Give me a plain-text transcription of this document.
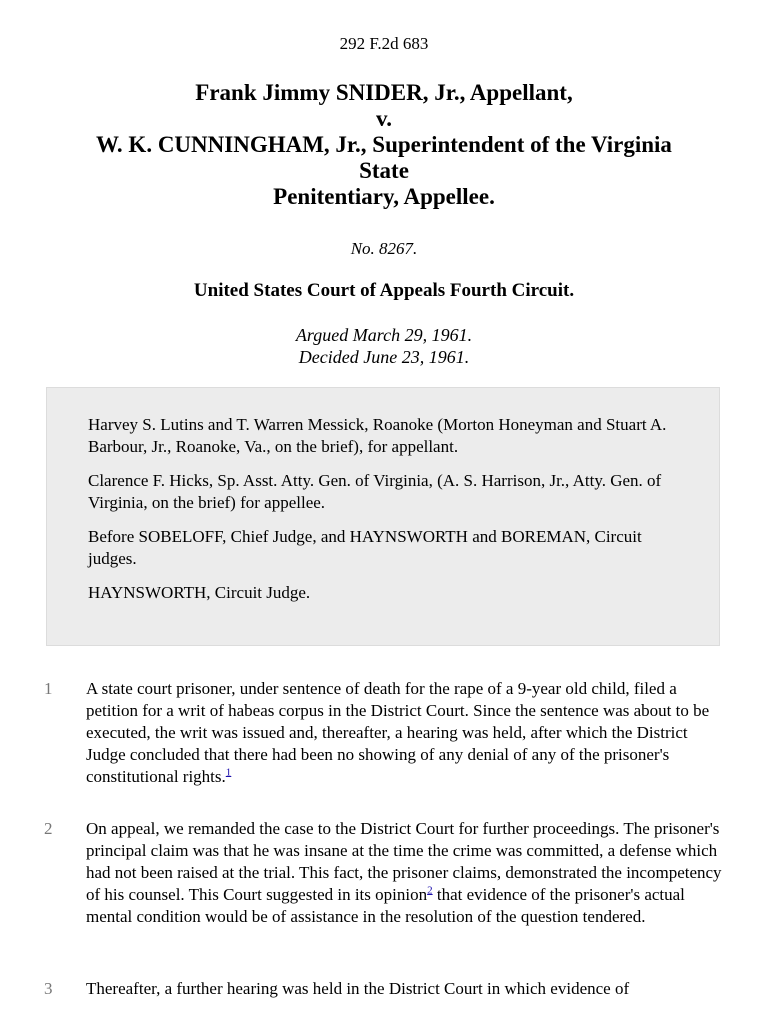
292 F.2d 683
Frank Jimmy SNIDER, Jr., Appellant,
v.
W. K. CUNNINGHAM, Jr., Superintendent of the Virginia
State
Penitentiary, Appellee.
No. 8267.
United States Court of Appeals Fourth Circuit.
Argued March 29, 1961.
Decided June 23, 1961.

Harvey S. Lutins and T. Warren Messick, Roanoke (Morton Honeyman and Stuart A. Barbour, Jr., Roanoke, Va., on the brief), for appellant.

Clarence F. Hicks, Sp. Asst. Atty. Gen. of Virginia, (A. S. Harrison, Jr., Atty. Gen. of Virginia, on the brief) for appellee.

Before SOBELOFF, Chief Judge, and HAYNSWORTH and BOREMAN, Circuit judges.

HAYNSWORTH, Circuit Judge.

1	A state court prisoner, under sentence of death for the rape of a 9-year old child, filed a petition for a writ of habeas corpus in the District Court. Since the sentence was about to be executed, the writ was issued and, thereafter, a hearing was held, after which the District Judge concluded that there had been no showing of any denial of any of the prisoner's constitutional rights.$^1$
2	On appeal, we remanded the case to the District Court for further proceedings. The prisoner's principal claim was that he was insane at the time the crime was committed, a defense which had not been raised at the trial. This fact, the prisoner claims, demonstrated the incompetency of his counsel. This Court suggested in its opinion$^2$ that evidence of the prisoner's actual mental condition would be of assistance in the resolution of the question tendered.
3	Thereafter, a further hearing was held in the District Court in which evidence of
